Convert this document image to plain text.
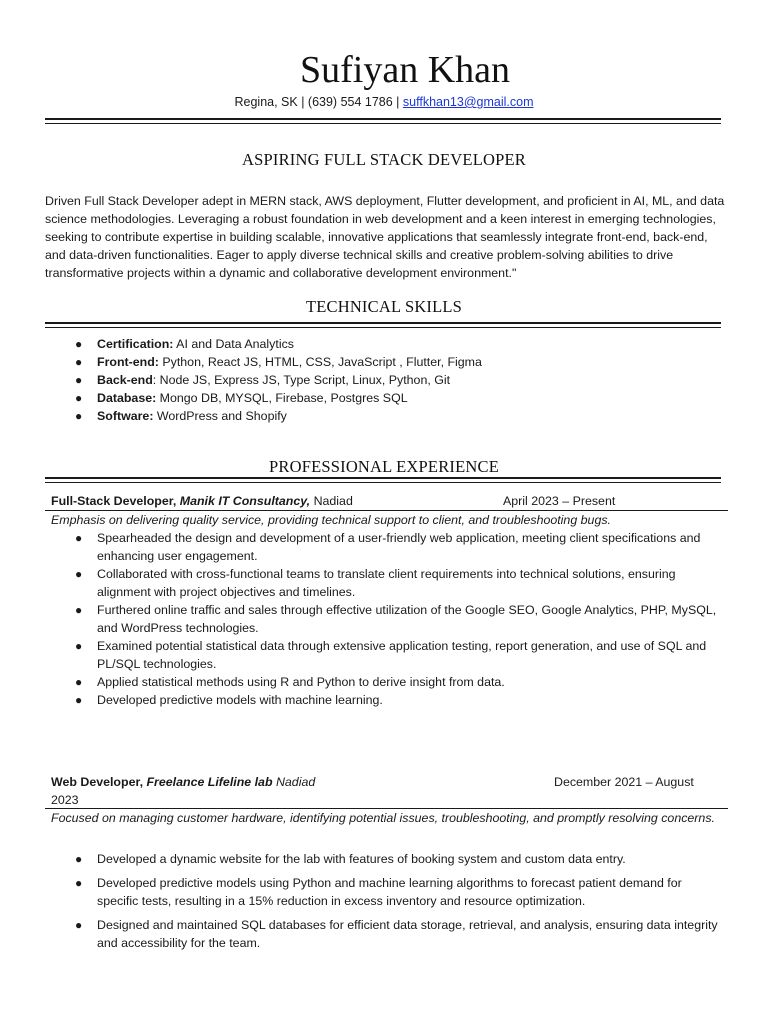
Sufiyan Khan
Regina, SK | (639) 554 1786 | suffkhan13@gmail.com
ASPIRING FULL STACK DEVELOPER

Driven Full Stack Developer adept in MERN stack, AWS deployment, Flutter development, and proficient in AI, ML, and data science methodologies. Leveraging a robust foundation in web development and a keen interest in emerging technologies, seeking to contribute expertise in building scalable, innovative applications that seamlessly integrate front-end, back-end, and data-driven functionalities. Eager to apply diverse technical skills and creative problem-solving abilities to drive transformative projects within a dynamic and collaborative development environment."

TECHNICAL SKILLS
● Certification: AI and Data Analytics
● Front-end: Python, React JS, HTML, CSS, JavaScript , Flutter, Figma
● Back-end: Node JS, Express JS, Type Script, Linux, Python, Git
● Database: Mongo DB, MYSQL, Firebase, Postgres SQL
● Software: WordPress and Shopify
PROFESSIONAL EXPERIENCE
Full-Stack Developer, Manik IT Consultancy, Nadiad	April 2023 – Present
Emphasis on delivering quality service, providing technical support to client, and troubleshooting bugs.
● Spearheaded the design and development of a user-friendly web application, meeting client specifications and enhancing user engagement.
● Collaborated with cross-functional teams to translate client requirements into technical solutions, ensuring alignment with project objectives and timelines.
● Furthered online traffic and sales through effective utilization of the Google SEO, Google Analytics, PHP, MySQL, and WordPress technologies.
● Examined potential statistical data through extensive application testing, report generation, and use of SQL and PL/SQL technologies.
● Applied statistical methods using R and Python to derive insight from data.
● Developed predictive models with machine learning.
Web Developer, Freelance Lifeline lab Nadiad	December 2021 – August
2023
Focused on managing customer hardware, identifying potential issues, troubleshooting, and promptly resolving concerns.
● Developed a dynamic website for the lab with features of booking system and custom data entry.
● Developed predictive models using Python and machine learning algorithms to forecast patient demand for specific tests, resulting in a 15% reduction in excess inventory and resource optimization.
● Designed and maintained SQL databases for efficient data storage, retrieval, and analysis, ensuring data integrity and accessibility for the team.
